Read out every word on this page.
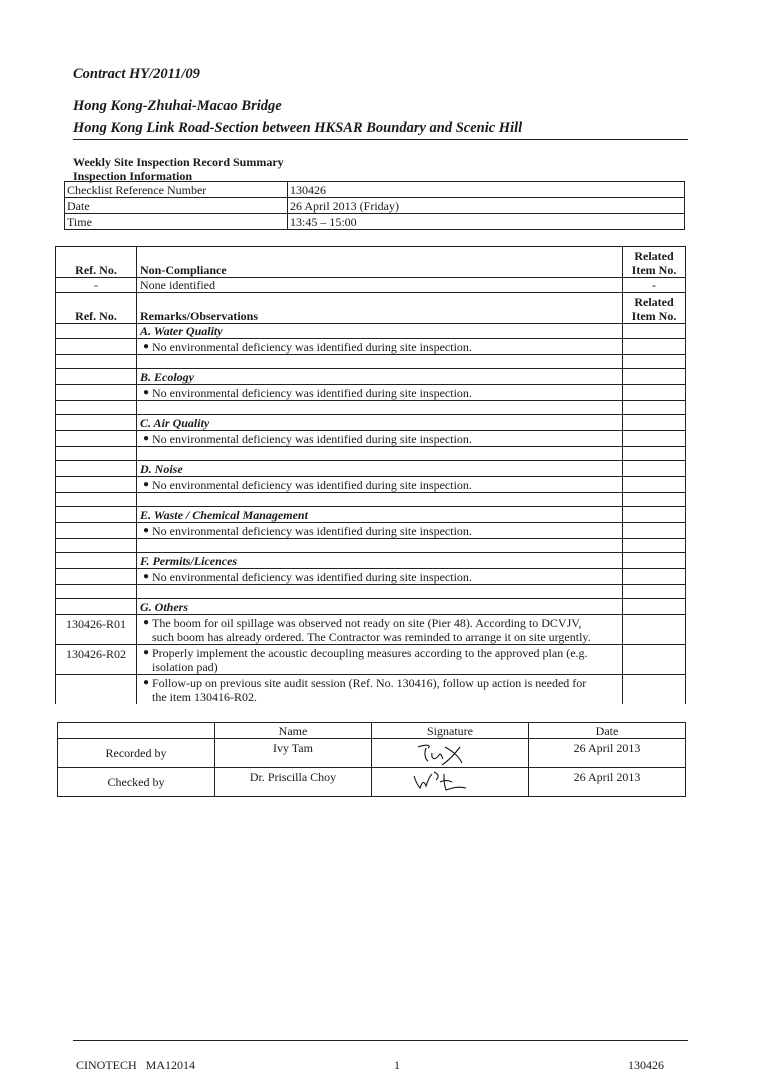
Contract HY/2011/09
Hong Kong-Zhuhai-Macao Bridge
Hong Kong Link Road-Section between HKSAR Boundary and Scenic Hill
Weekly Site Inspection Record Summary
Inspection Information
Checklist Reference Number	130426
Date	26 April 2013 (Friday)
Time	13:45 – 15:00
Ref. No.	Non-Compliance	Related Item No.
-	None identified	-
Ref. No.	Remarks/Observations	Related Item No.
	A. Water Quality	

	● No environmental deficiency was identified during site inspection.	

	B. Ecology	

	● No environmental deficiency was identified during site inspection.	

	C. Air Quality	

	● No environmental deficiency was identified during site inspection.	

	D. Noise	

	● No environmental deficiency was identified during site inspection.	

	E. Waste / Chemical Management	

	● No environmental deficiency was identified during site inspection.	

	F. Permits/Licences	

	● No environmental deficiency was identified during site inspection.	

	G. Others	
130426-R01	● The boom for oil spillage was observed not ready on site (Pier 48). According to DCVJV,
such boom has already ordered. The Contractor was reminded to arrange it on site urgently.	

130426-R02	● Properly implement the acoustic decoupling measures according to the approved plan (e.g.
isolation pad)	

	● Follow-up on previous site audit session (Ref. No. 130416), follow up action is needed for
the item 130416-R02.	

	Name	Signature	Date
Recorded by	Ivy Tam		26 April 2013
Checked by	Dr. Priscilla Choy		26 April 2013
CINOTECH   MA12014	1	130426
